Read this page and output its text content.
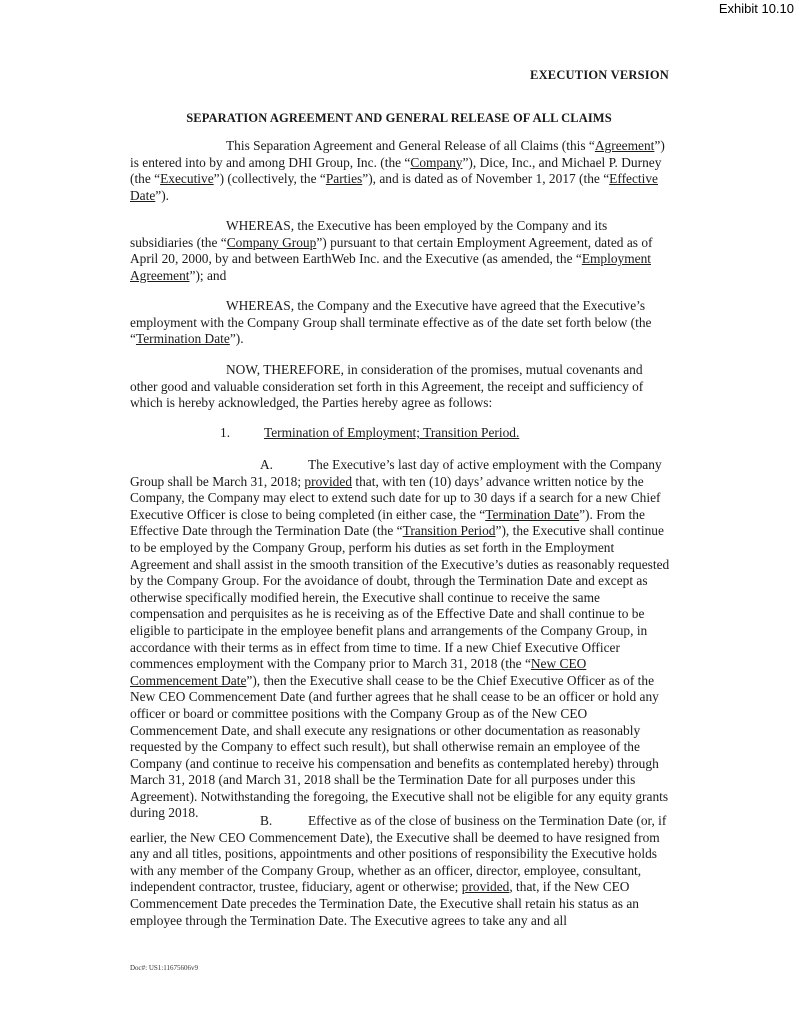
Exhibit 10.10
EXECUTION VERSION
SEPARATION AGREEMENT AND GENERAL RELEASE OF ALL CLAIMS
This Separation Agreement and General Release of all Claims (this “Agreement”) is entered into by and among DHI Group, Inc. (the “Company”), Dice, Inc., and Michael P. Durney (the “Executive”) (collectively, the “Parties”), and is dated as of November 1, 2017 (the “Effective Date”).
WHEREAS, the Executive has been employed by the Company and its subsidiaries (the “Company Group”) pursuant to that certain Employment Agreement, dated as of April 20, 2000, by and between EarthWeb Inc. and the Executive (as amended, the “Employment Agreement”); and
WHEREAS, the Company and the Executive have agreed that the Executive’s employment with the Company Group shall terminate effective as of the date set forth below (the “Termination Date”).
NOW, THEREFORE, in consideration of the promises, mutual covenants and other good and valuable consideration set forth in this Agreement, the receipt and sufficiency of which is hereby acknowledged, the Parties hereby agree as follows:
1.	Termination of Employment; Transition Period.
A.	The Executive’s last day of active employment with the Company Group shall be March 31, 2018; provided that, with ten (10) days’ advance written notice by the Company, the Company may elect to extend such date for up to 30 days if a search for a new Chief Executive Officer is close to being completed (in either case, the “Termination Date”). From the Effective Date through the Termination Date (the “Transition Period”), the Executive shall continue to be employed by the Company Group, perform his duties as set forth in the Employment Agreement and shall assist in the smooth transition of the Executive’s duties as reasonably requested by the Company Group. For the avoidance of doubt, through the Termination Date and except as otherwise specifically modified herein, the Executive shall continue to receive the same compensation and perquisites as he is receiving as of the Effective Date and shall continue to be eligible to participate in the employee benefit plans and arrangements of the Company Group, in accordance with their terms as in effect from time to time. If a new Chief Executive Officer commences employment with the Company prior to March 31, 2018 (the “New CEO Commencement Date”), then the Executive shall cease to be the Chief Executive Officer as of the New CEO Commencement Date (and further agrees that he shall cease to be an officer or hold any officer or board or committee positions with the Company Group as of the New CEO Commencement Date, and shall execute any resignations or other documentation as reasonably requested by the Company to effect such result), but shall otherwise remain an employee of the Company (and continue to receive his compensation and benefits as contemplated hereby) through March 31, 2018 (and March 31, 2018 shall be the Termination Date for all purposes under this Agreement). Notwithstanding the foregoing, the Executive shall not be eligible for any equity grants during 2018.
B.	Effective as of the close of business on the Termination Date (or, if earlier, the New CEO Commencement Date), the Executive shall be deemed to have resigned from any and all titles, positions, appointments and other positions of responsibility the Executive holds with any member of the Company Group, whether as an officer, director, employee, consultant, independent contractor, trustee, fiduciary, agent or otherwise; provided, that, if the New CEO Commencement Date precedes the Termination Date, the Executive shall retain his status as an employee through the Termination Date. The Executive agrees to take any and all
Doc#: US1:11675606v9
